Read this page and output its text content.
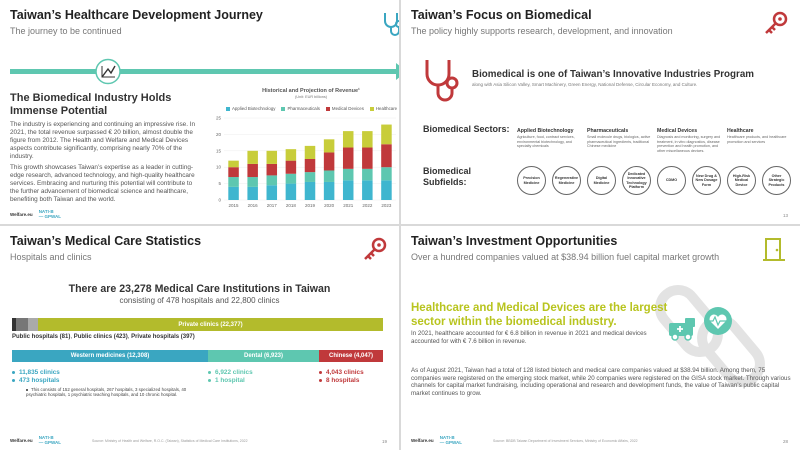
Taiwan’s Healthcare Development Journey
The journey to be continued
The Biomedical Industry Holds Immense Potential
The industry is experiencing and continuing an impressive rise. In 2021, the total revenue surpassed € 20 billion, almost double the figure from 2012. The Health and Welfare and Medical Devices aspects contribute significantly, comprising nearly 70% of the industry.
This growth showcases Taiwan’s expertise as a leader in cutting-edge research, advanced technology, and high-quality healthcare services. Embracing and nurturing this potential will contribute to the further advancement of biomedical science and healthcare, benefiting both Taiwan and the world.
Historical and Projection of Revenue¹
(Unit: EUR billions)
Applied Biotechnology	Pharmaceuticals	Medical Devices	Healthcare
0
5
10
15
20
25
2015 2016 2017 2018 2019 2020 2021 2022 2023
Welfare.eu NATI·B
— GPWAL
Taiwan’s Focus on Biomedical
The policy highly supports research, development, and innovation
Biomedical is one of Taiwan’s Innovative Industries Program
along with Asia Silicon Valley, Smart Machinery, Green Energy, National Defense, Circular Economy, and Culture.
Biomedical Sectors:
Biomedical Subfields:
Applied Biotechnology
Agriculture, food, contract services, environmental biotechnology, and specialty chemicals
Pharmaceuticals
Small molecule drugs, biologics, active pharmaceutical ingredients, traditional Chinese medicine
Medical Devices
Diagnosis and monitoring, surgery and treatment, in vitro diagnostics, disease prevention and health promotion, and other miscellaneous devices.
Healthcare
Healthcare products, and healthcare promotion and services
Precision Medicine
Regenerative Medicine
Digital Medicine
Dedicated Innovative Technology Platform
CDMO
New Drug & New Dosage Form
High-Risk Medical Device
Other Strategic Products
13
Taiwan’s Medical Care Statistics
Hospitals and clinics
There are 23,278 Medical Care Institutions in Taiwan
consisting of 478 hospitals and 22,800 clinics
Private clinics (22,377)
Public hospitals (81), Public clinics (423), Private hospitals (397)
Western medicines (12,308)	Dental (6,923)	Chinese (4,047)
11,835 clinics
473 hospitals
This consists of 152 general hospitals, 267 hospitals, 3 specialized hospitals, 40 psychiatric hospitals, 1 psychiatric teaching hospitals, and 10 chronic hospital.
6,922 clinics
1 hospital
4,043 clinics
8 hospitals
Welfare.eu NATI·B
— GPWAL	Source: Ministry of Health and Welfare, R.O.C. (Taiwan), Statistics of Medical Care Institutions, 2022	19
Taiwan’s Investment Opportunities
Over a hundred companies valued at $38.94 billion fuel capital market growth
Healthcare and Medical Devices are the largest sector within the biomedical industry.
In 2021, healthcare accounted for € 6.8 billion in revenue in 2021 and medical devices accounted for with € 7.6 billion in revenue.
As of August 2021, Taiwan had a total of 128 listed biotech and medical care companies valued at $38.94 billion. Among them, 75 companies were registered on the emerging stock market, while 20 companies were registered on the GISA stock market. Through various channels for capital market fundraising, including operational and research and development funds, the value of Taiwan’s public capital market continues to grow.
Welfare.eu NATI·B
— GPWAL	Source: BBDB Taiwan Department of Investment Services, Ministry of Economic Affairs, 2022	28
